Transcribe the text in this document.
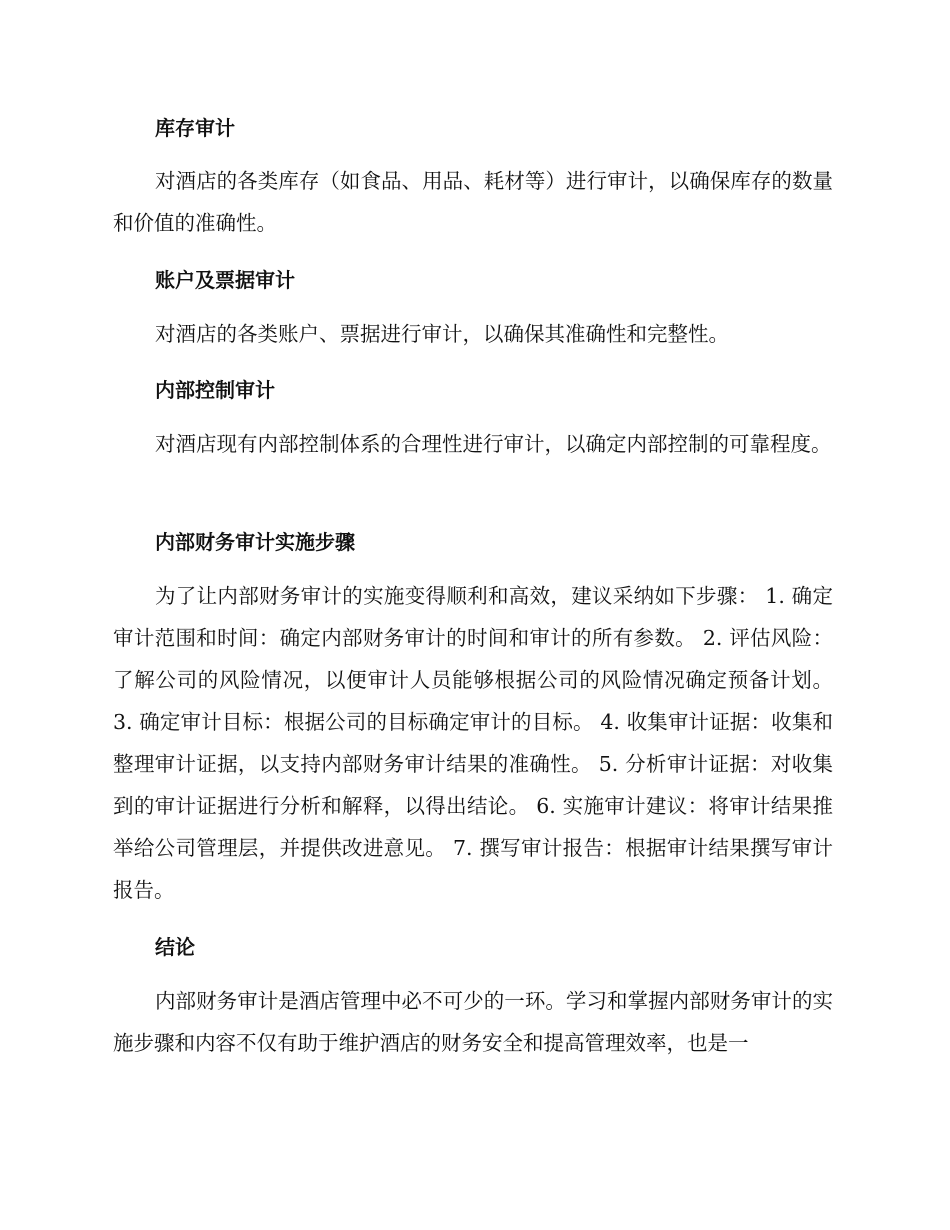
库存审计

对酒店的各类库存（如食品、用品、耗材等）进行审计，以确保库存的数量和价值的准确性。

账户及票据审计

对酒店的各类账户、票据进行审计，以确保其准确性和完整性。

内部控制审计

对酒店现有内部控制体系的合理性进行审计，以确定内部控制的可靠程度。

内部财务审计实施步骤

为了让内部财务审计的实施变得顺利和高效，建议采纳如下步骤： 1. 确定审计范围和时间：确定内部财务审计的时间和审计的所有参数。 2. 评估风险：了解公司的风险情况，以便审计人员能够根据公司的风险情况确定预备计划。 3. 确定审计目标：根据公司的目标确定审计的目标。 4. 收集审计证据：收集和整理审计证据，以支持内部财务审计结果的准确性。 5. 分析审计证据：对收集到的审计证据进行分析和解释，以得出结论。 6. 实施审计建议：将审计结果推举给公司管理层，并提供改进意见。 7. 撰写审计报告：根据审计结果撰写审计报告。

结论

内部财务审计是酒店管理中必不可少的一环。学习和掌握内部财务审计的实施步骤和内容不仅有助于维护酒店的财务安全和提高管理效率，也是一
